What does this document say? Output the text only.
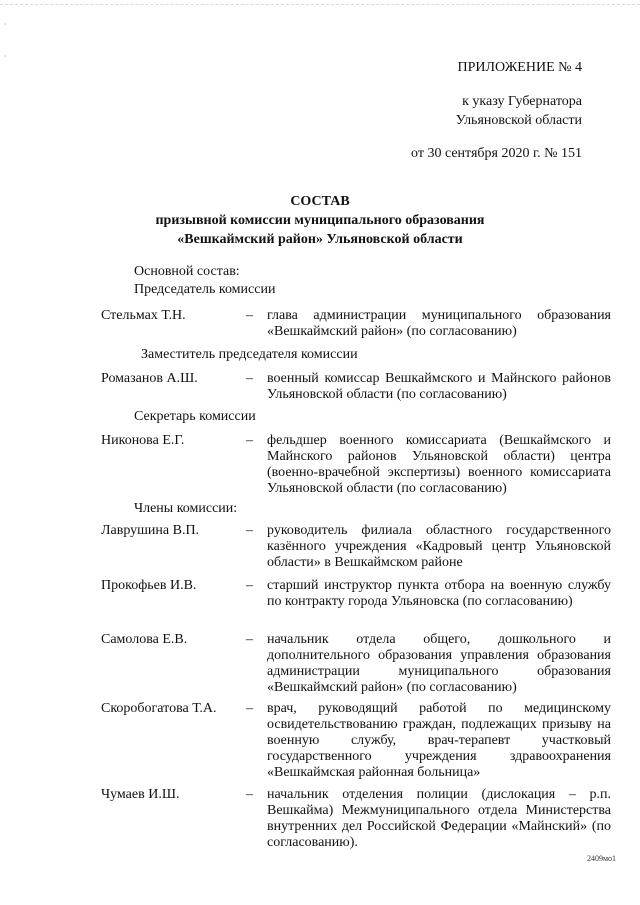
·
·
ПРИЛОЖЕНИЕ № 4
к указу Губернатора
Ульяновской области
от 30 сентября 2020 г. № 151
СОСТАВ
призывной комиссии муниципального образования
«Вешкаймский район» Ульяновской области
Основной состав:
Председатель комиссии
Стельмах Т.Н.	– глава администрации муниципального образования «Вешкаймский район» (по согласованию)
Заместитель председателя комиссии
Ромазанов А.Ш.	– военный комиссар Вешкаймского и Майнского районов Ульяновской области (по согласованию)
Секретарь комиссии
Никонова Е.Г.	– фельдшер военного комиссариата (Вешкаймского и Майнского районов Ульяновской области) центра (военно-врачебной экспертизы) военного комиссариата Ульяновской области (по согласованию)
Члены комиссии:
Лаврушина В.П.	– руководитель филиала областного государственного казённого учреждения «Кадровый центр Ульяновской области» в Вешкаймском районе
Прокофьев И.В.	– старший инструктор пункта отбора на военную службу по контракту города Ульяновска (по согласованию)
Самолова Е.В.	– начальник отдела общего, дошкольного и дополнительного образования управления образования администрации муниципального образования «Вешкаймский район» (по согласованию)
Скоробогатова Т.А. – врач, руководящий работой по медицинскому освидетельствованию граждан, подлежащих призыву на военную службу, врач-терапевт участковый государственного учреждения здравоохранения «Вешкаймская районная больница»
Чумаев И.Ш.	– начальник отделения полиции (дислокация – р.п. Вешкайма) Межмуниципального отдела Министерства внутренних дел Российской Федерации «Майнский» (по согласованию).
2409мо1
